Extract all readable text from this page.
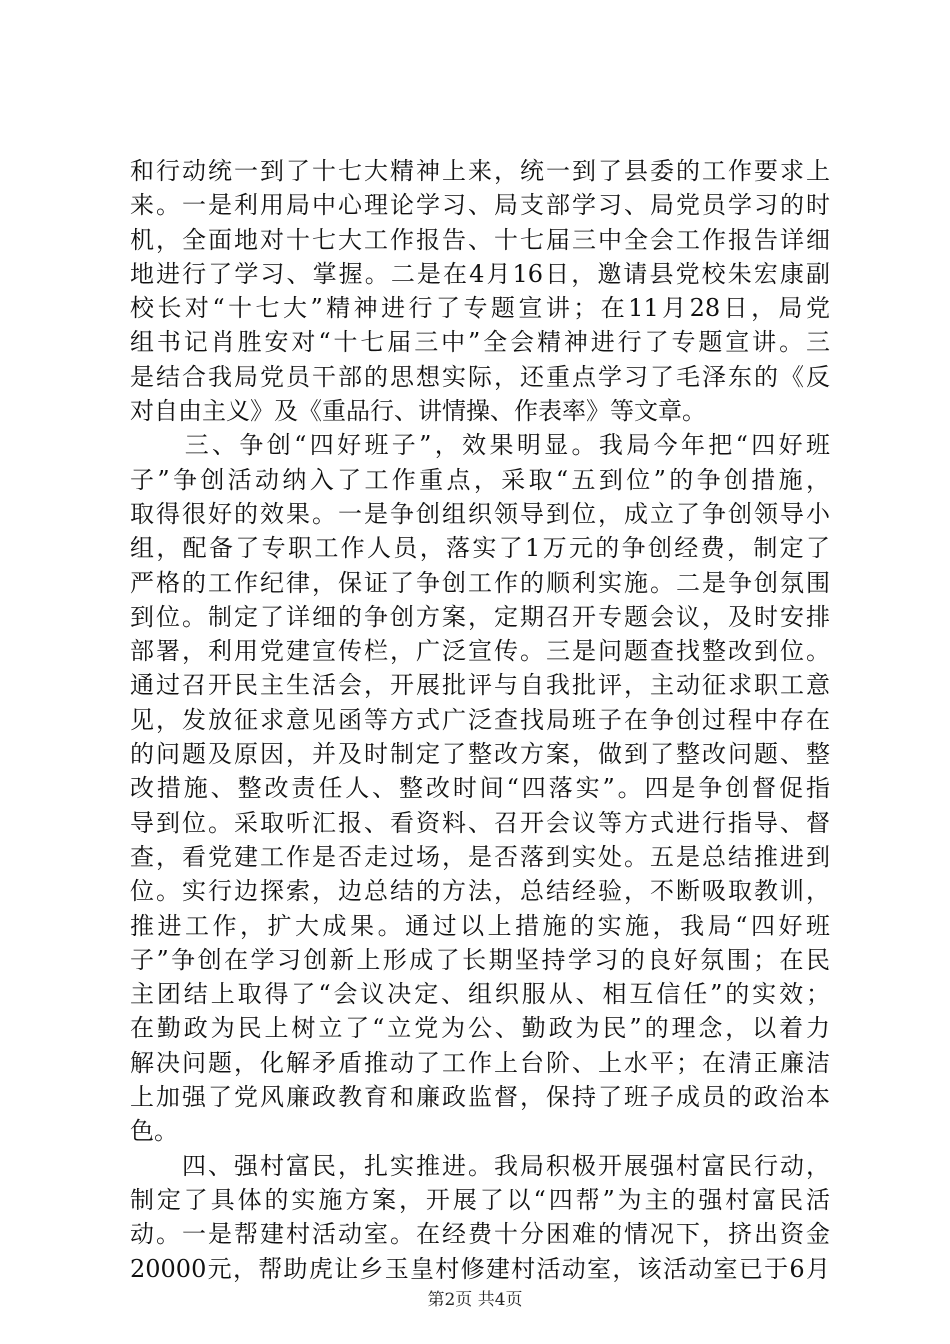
和行动统一到了十七大精神上来，统一到了县委的工作要求上
来。一是利用局中心理论学习、局支部学习、局党员学习的时
机，全面地对十七大工作报告、十七届三中全会工作报告详细
地进行了学习、掌握。二是在4月16日，邀请县党校朱宏康副
校长对“十七大”精神进行了专题宣讲；在11月28日，局党
组书记肖胜安对“十七届三中”全会精神进行了专题宣讲。三
是结合我局党员干部的思想实际，还重点学习了毛泽东的《反
对自由主义》及《重品行、讲情操、作表率》等文章。
　　三、争创“四好班子”，效果明显。我局今年把“四好班
子”争创活动纳入了工作重点，采取“五到位”的争创措施，
取得很好的效果。一是争创组织领导到位，成立了争创领导小
组，配备了专职工作人员，落实了1万元的争创经费，制定了
严格的工作纪律，保证了争创工作的顺利实施。二是争创氛围
到位。制定了详细的争创方案，定期召开专题会议，及时安排
部署，利用党建宣传栏，广泛宣传。三是问题查找整改到位。
通过召开民主生活会，开展批评与自我批评，主动征求职工意
见，发放征求意见函等方式广泛查找局班子在争创过程中存在
的问题及原因，并及时制定了整改方案，做到了整改问题、整
改措施、整改责任人、整改时间“四落实”。四是争创督促指
导到位。采取听汇报、看资料、召开会议等方式进行指导、督
查，看党建工作是否走过场，是否落到实处。五是总结推进到
位。实行边探索，边总结的方法，总结经验，不断吸取教训，
推进工作，扩大成果。通过以上措施的实施，我局“四好班
子”争创在学习创新上形成了长期坚持学习的良好氛围；在民
主团结上取得了“会议决定、组织服从、相互信任”的实效；
在勤政为民上树立了“立党为公、勤政为民”的理念，以着力
解决问题，化解矛盾推动了工作上台阶、上水平；在清正廉洁
上加强了党风廉政教育和廉政监督，保持了班子成员的政治本
色。
　　四、强村富民，扎实推进。我局积极开展强村富民行动，
制定了具体的实施方案，开展了以“四帮”为主的强村富民活
动。一是帮建村活动室。在经费十分困难的情况下，挤出资金
20000元，帮助虎让乡玉皇村修建村活动室，该活动室已于6月
第2页 共4页
